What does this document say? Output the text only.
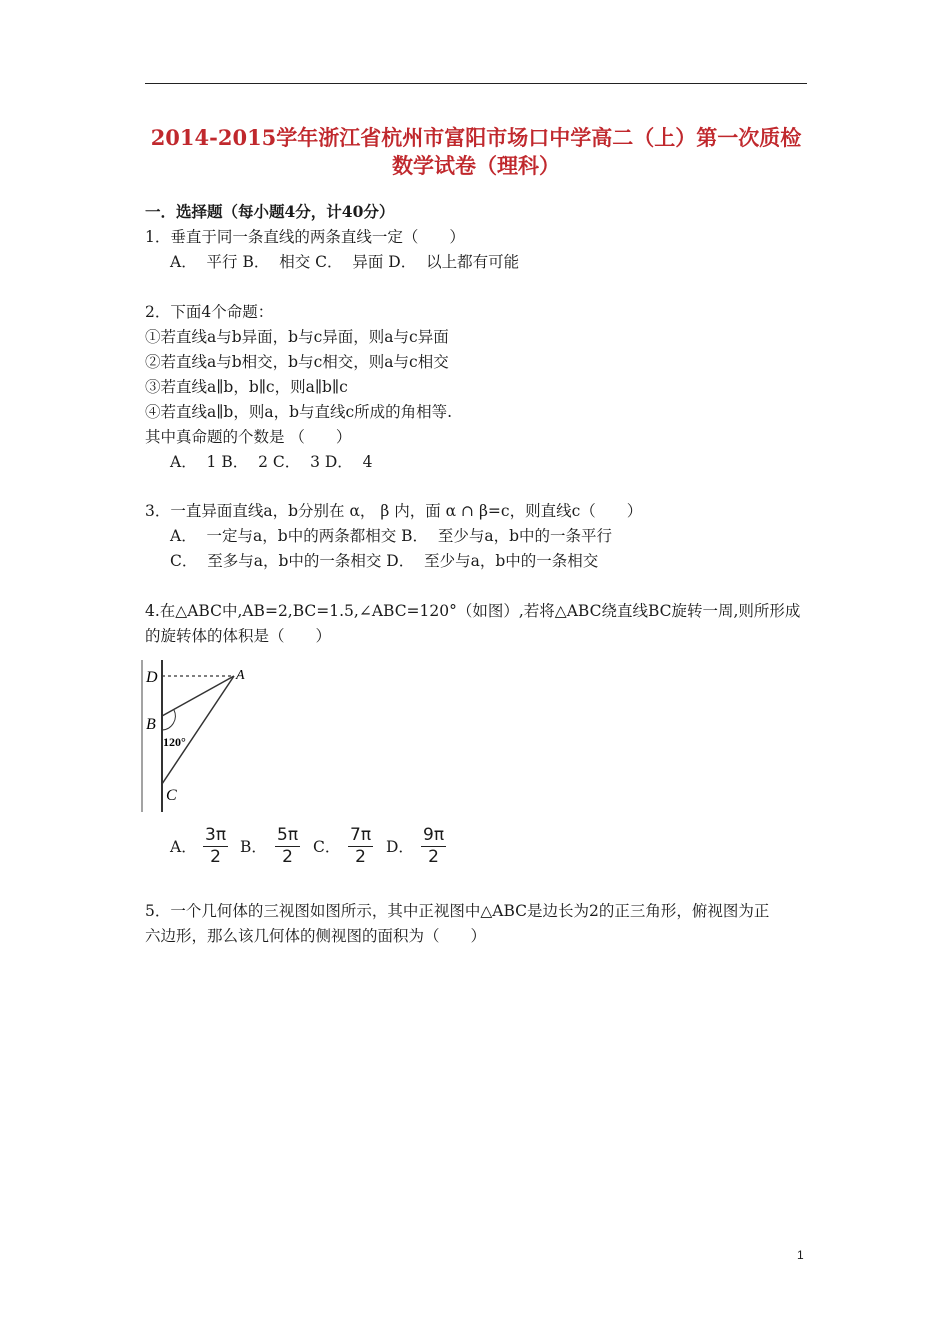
2014-2015学年浙江省杭州市富阳市场口中学高二（上）第一次质检
数学试卷（理科）
一．选择题（每小题4分，计40分）
1．垂直于同一条直线的两条直线一定（　　）
A．  平行 B．  相交 C．  异面 D．  以上都有可能
2．下面4个命题：
①若直线a与b异面，b与c异面，则a与c异面
②若直线a与b相交，b与c相交，则a与c相交
③若直线a∥b，b∥c，则a∥b∥c
④若直线a∥b，则a，b与直线c所成的角相等.
其中真命题的个数是 （　　）
A．  1 B．  2 C．  3 D．  4
3．一直异面直线a，b分别在 α， β 内，面 α ∩ β=c，则直线c（　　）
A．  一定与a，b中的两条都相交 B．  至少与a，b中的一条平行
C．  至多与a，b中的一条相交 D．  至少与a，b中的一条相交
4.在△ABC中,AB=2,BC=1.5,∠ABC=120°（如图）,若将△ABC绕直线BC旋转一周,则所形成
的旋转体的体积是（　　）
D	A
B
120°
C
A． $\frac{3\pi}{2}$ B． $\frac{5\pi}{2}$ C． $\frac{7\pi}{2}$ D． $\frac{9\pi}{2}$
5．一个几何体的三视图如图所示，其中正视图中△ABC是边长为2的正三角形，俯视图为正
六边形，那么该几何体的侧视图的面积为（　　）
1
